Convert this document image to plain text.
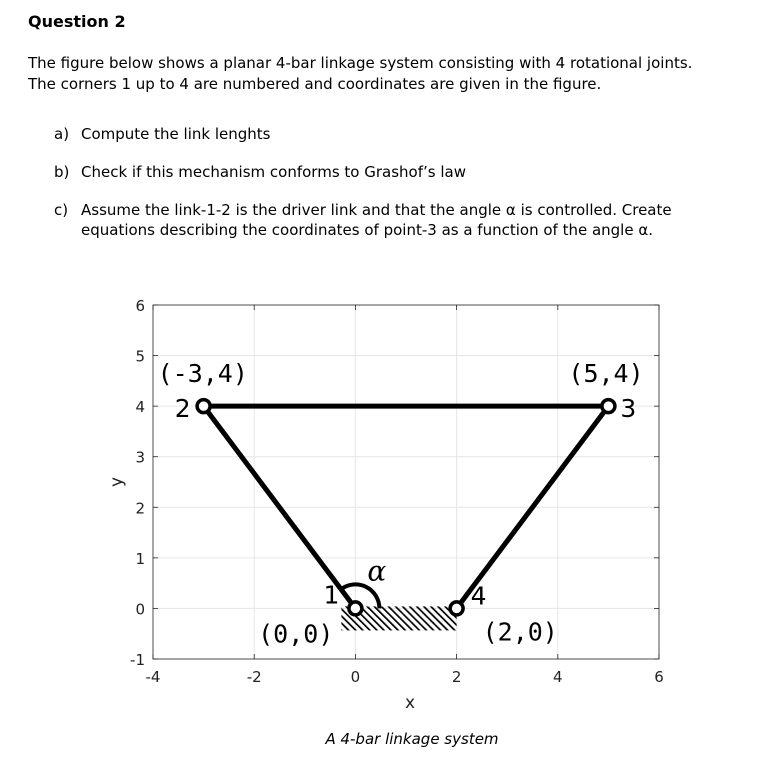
Question 2
The figure below shows a planar 4-bar linkage system consisting with 4 rotational joints.
The corners 1 up to 4 are numbered and coordinates are given in the figure.
a) Compute the link lenghts
b) Check if this mechanism conforms to Grashof’s law
c) Assume the link-1-2 is the driver link and that the angle α is controlled. Create
equations describing the coordinates of point-3 as a function of the angle α.
-4	-2	0	2	4	6
-1
0
1
2
3
4
5
6
α
1
(0,0)
2
(-3,4)
3
(5,4)
4
(2,0)
x
y
A 4-bar linkage system
